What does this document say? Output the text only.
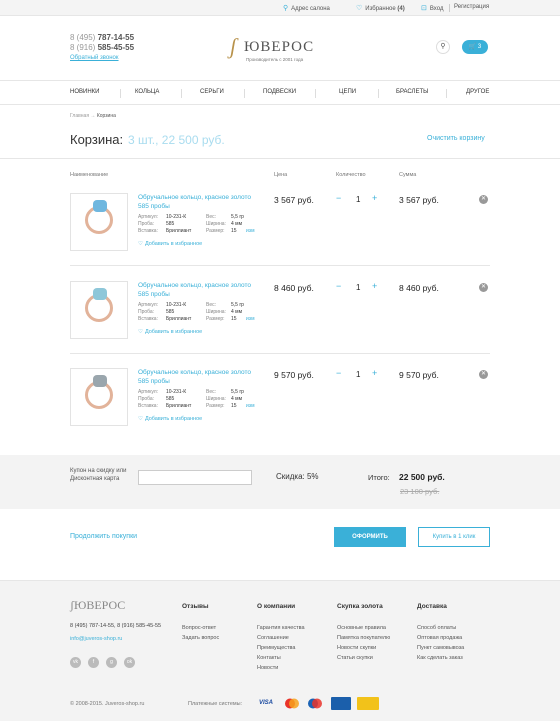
⚲ Адрес салона	♡ Избранное (4) ⊡ Вход Регистрация
8 (495) 787-14-55
8 (916) 585-45-55
Обратный звонок	ʃ ЮВЕРОС
Производитель с 2001 года
⚲	🛒 3
НОВИНКИ	КОЛЬЦА	СЕРЬГИ	ПОДВЕСКИ	ЦЕПИ	БРАСЛЕТЫ	ДРУГОЕ
Главная → Корзина
Корзина: 3 шт., 22 500 руб.	Очистить корзину
Наименование	Цена	Количество	Сумма
Обручальное кольцо, красное золото 585 пробы
Артикул: 10-231-К
Проба: 585
Вставка: Бриллиант
Вес:	5,5 гр
Ширина: 4 мм
Размер: 15 изм
♡ Добавить в избранное
3 567 руб. − 1 +	3 567 руб.	✕
Обручальное кольцо, красное золото 585 пробы
Артикул: 10-231-К
Проба: 585
Вставка: Бриллиант
Вес:	5,5 гр
Ширина: 4 мм
Размер: 15 изм
♡ Добавить в избранное
8 460 руб. − 1 +	8 460 руб.	✕
Обручальное кольцо, красное золото 585 пробы
Артикул: 10-231-К
Проба: 585
Вставка: Бриллиант
Вес:	5,5 гр
Ширина: 4 мм
Размер: 15 изм
♡ Добавить в избранное
9 570 руб. − 1 +	9 570 руб.	✕
Купон на скидку или
Дисконтная карта	Скидка: 5%	Итого: 22 500 руб.
23 100 руб.
Продолжить покупки	ОФОРМИТЬ	Купить в 1 клик
ʃЮВЕРОС
8 (495) 787-14-55, 8 (916) 585-45-55
info@juveros-shop.ru
vk	f	g	ok
Отзывы
Вопрос-ответ
Задать вопрос
О компании
Гарантия качества
Соглашение
Преимущества
Контакты
Новости
Скупка золота
Основные правила
Памятка покупателю
Новости скупки
Статьи скупки
Доставка
Способ оплаты
Оптовая продажа
Пункт самовывоза
Как сделать заказ
© 2008-2015. Juveros-shop.ru	Платежные системы:	VISA
